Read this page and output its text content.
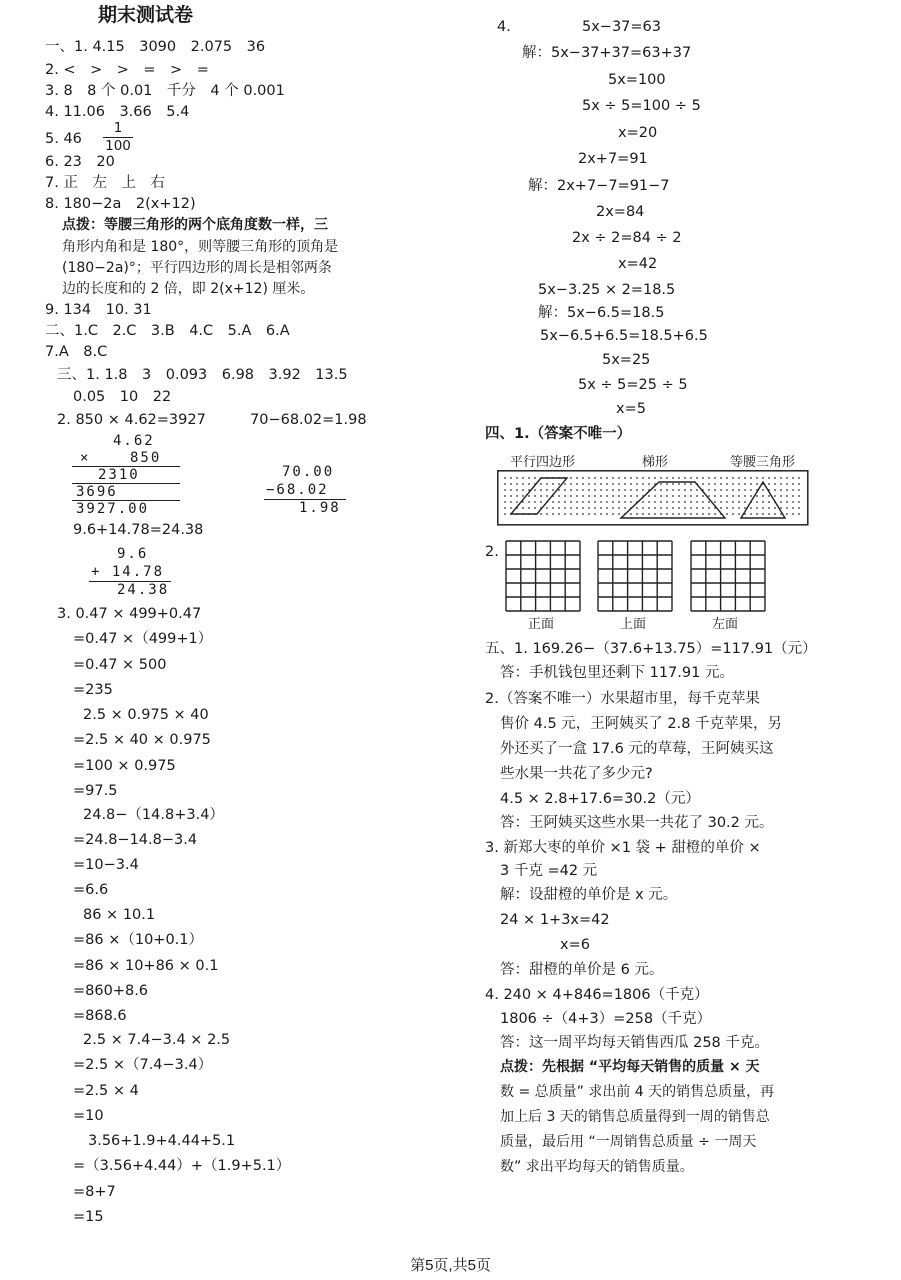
期末测试卷
一、1. 4.15　3090　2.075　36
2. <　>　>　=　>　=
3. 8　8 个 0.01　千分　4 个 0.001
4. 11.06　3.66　5.4
5. 46
1
100
6. 23　20
7. 正　左　上　右
8. 180−2a　2(x+12)
点拨：等腰三角形的两个底角度数一样，三
角形内角和是 180°，则等腰三角形的顶角是
(180−2a)°；平行四边形的周长是相邻两条
边的长度和的 2 倍，即 2(x+12) 厘米。
9. 134　10. 31
二、1.C　2.C　3.B　4.C　5.A　6.A
7.A　8.C
三、1. 1.8　3　0.093　6.98　3.92　13.5
0.05　10　22
2. 850 × 4.62=3927	70−68.02=1.98
4.62
×	850
2310
3696
3927.00
70.00
−68.02
1.98
9.6+14.78=24.38
9.6
+ 14.78
24.38
3. 0.47 × 499+0.47
=0.47 ×（499+1）
=0.47 × 500
=235
2.5 × 0.975 × 40
=2.5 × 40 × 0.975
=100 × 0.975
=97.5
24.8−（14.8+3.4）
=24.8−14.8−3.4
=10−3.4
=6.6
86 × 10.1
=86 ×（10+0.1）
=86 × 10+86 × 0.1
=860+8.6
=868.6
2.5 × 7.4−3.4 × 2.5
=2.5 ×（7.4−3.4）
=2.5 × 4
=10
3.56+1.9+4.44+5.1
=（3.56+4.44）+（1.9+5.1）
=8+7
=15
4.	5x−37=63
解：5x−37+37=63+37
5x=100
5x ÷ 5=100 ÷ 5
x=20
2x+7=91
解：2x+7−7=91−7
2x=84
2x ÷ 2=84 ÷ 2
x=42
5x−3.25 × 2=18.5
解：5x−6.5=18.5
5x−6.5+6.5=18.5+6.5
5x=25
5x ÷ 5=25 ÷ 5
x=5
四、1.（答案不唯一）
平行四边形	梯形	等腰三角形
2.
正面	上面	左面
五、1. 169.26−（37.6+13.75）=117.91（元）
答：手机钱包里还剩下 117.91 元。
2.（答案不唯一）水果超市里，每千克苹果
售价 4.5 元，王阿姨买了 2.8 千克苹果，另
外还买了一盒 17.6 元的草莓，王阿姨买这
些水果一共花了多少元?
4.5 × 2.8+17.6=30.2（元）
答：王阿姨买这些水果一共花了 30.2 元。
3. 新郑大枣的单价 ×1 袋 + 甜橙的单价 ×
3 千克 =42 元
解：设甜橙的单价是 x 元。
24 × 1+3x=42
x=6
答：甜橙的单价是 6 元。
4. 240 × 4+846=1806（千克）
1806 ÷（4+3）=258（千克）
答：这一周平均每天销售西瓜 258 千克。
点拨：先根据 “平均每天销售的质量 × 天
数 = 总质量” 求出前 4 天的销售总质量，再
加上后 3 天的销售总质量得到一周的销售总
质量，最后用 “一周销售总质量 ÷ 一周天
数” 求出平均每天的销售质量。
第5页,共5页
